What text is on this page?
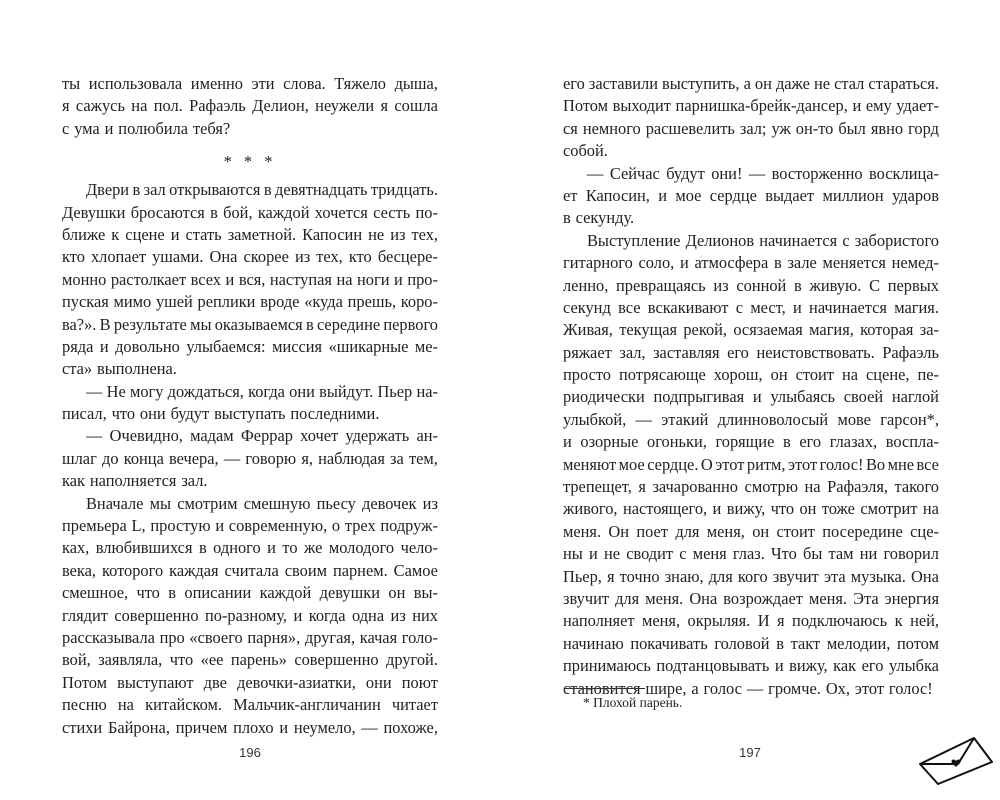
ты использовала именно эти слова. Тяжело дыша,
я сажусь на пол. Рафаэль Делион, неужели я сошла
с ума и полюбила тебя?
* * *
Двери в зал открываются в девятнадцать тридцать.
Девушки бросаются в бой, каждой хочется сесть по-
ближе к сцене и стать заметной. Капосин не из тех,
кто хлопает ушами. Она скорее из тех, кто бесцере-
монно растолкает всех и вся, наступая на ноги и про-
пуская мимо ушей реплики вроде «куда прешь, коро-
ва?». В результате мы оказываемся в середине первого
ряда и довольно улыбаемся: миссия «шикарные ме-
ста» выполнена.
— Не могу дождаться, когда они выйдут. Пьер на-
писал, что они будут выступать последними.
— Очевидно, мадам Феррар хочет удержать ан-
шлаг до конца вечера, — говорю я, наблюдая за тем,
как наполняется зал.
Вначале мы смотрим смешную пьесу девочек из
премьера L, простую и современную, о трех подруж-
ках, влюбившихся в одного и то же молодого чело-
века, которого каждая считала своим парнем. Самое
смешное, что в описании каждой девушки он вы-
глядит совершенно по-разному, и когда одна из них
рассказывала про «своего парня», другая, качая голо-
вой, заявляла, что «ее парень» совершенно другой.
Потом выступают две девочки-азиатки, они поют
песню на китайском. Мальчик-англичанин читает
стихи Байрона, причем плохо и неумело, — похоже,
196
его заставили выступить, а он даже не стал стараться.
Потом выходит парнишка-брейк-дансер, и ему удает-
ся немного расшевелить зал; уж он-то был явно горд
собой.
— Сейчас будут они! — восторженно восклица-
ет Капосин, и мое сердце выдает миллион ударов
в секунду.
Выступление Делионов начинается с забористого
гитарного соло, и атмосфера в зале меняется немед-
ленно, превращаясь из сонной в живую. С первых
секунд все вскакивают с мест, и начинается магия.
Живая, текущая рекой, осязаемая магия, которая за-
ряжает зал, заставляя его неистовствовать. Рафаэль
просто потрясающе хорош, он стоит на сцене, пе-
риодически подпрыгивая и улыбаясь своей наглой
улыбкой, — этакий длинноволосый мове гарсон*,
и озорные огоньки, горящие в его глазах, воспла-
меняют мое сердце. О этот ритм, этот голос! Во мне все
трепещет, я зачарованно смотрю на Рафаэля, такого
живого, настоящего, и вижу, что он тоже смотрит на
меня. Он поет для меня, он стоит посередине сце-
ны и не сводит с меня глаз. Что бы там ни говорил
Пьер, я точно знаю, для кого звучит эта музыка. Она
звучит для меня. Она возрождает меня. Эта энергия
наполняет меня, окрыляя. И я подключаюсь к ней,
начинаю покачивать головой в такт мелодии, потом
принимаюсь подтанцовывать и вижу, как его улыбка
становится шире, а голос — громче. Ох, этот голос!
* Плохой парень.
197
